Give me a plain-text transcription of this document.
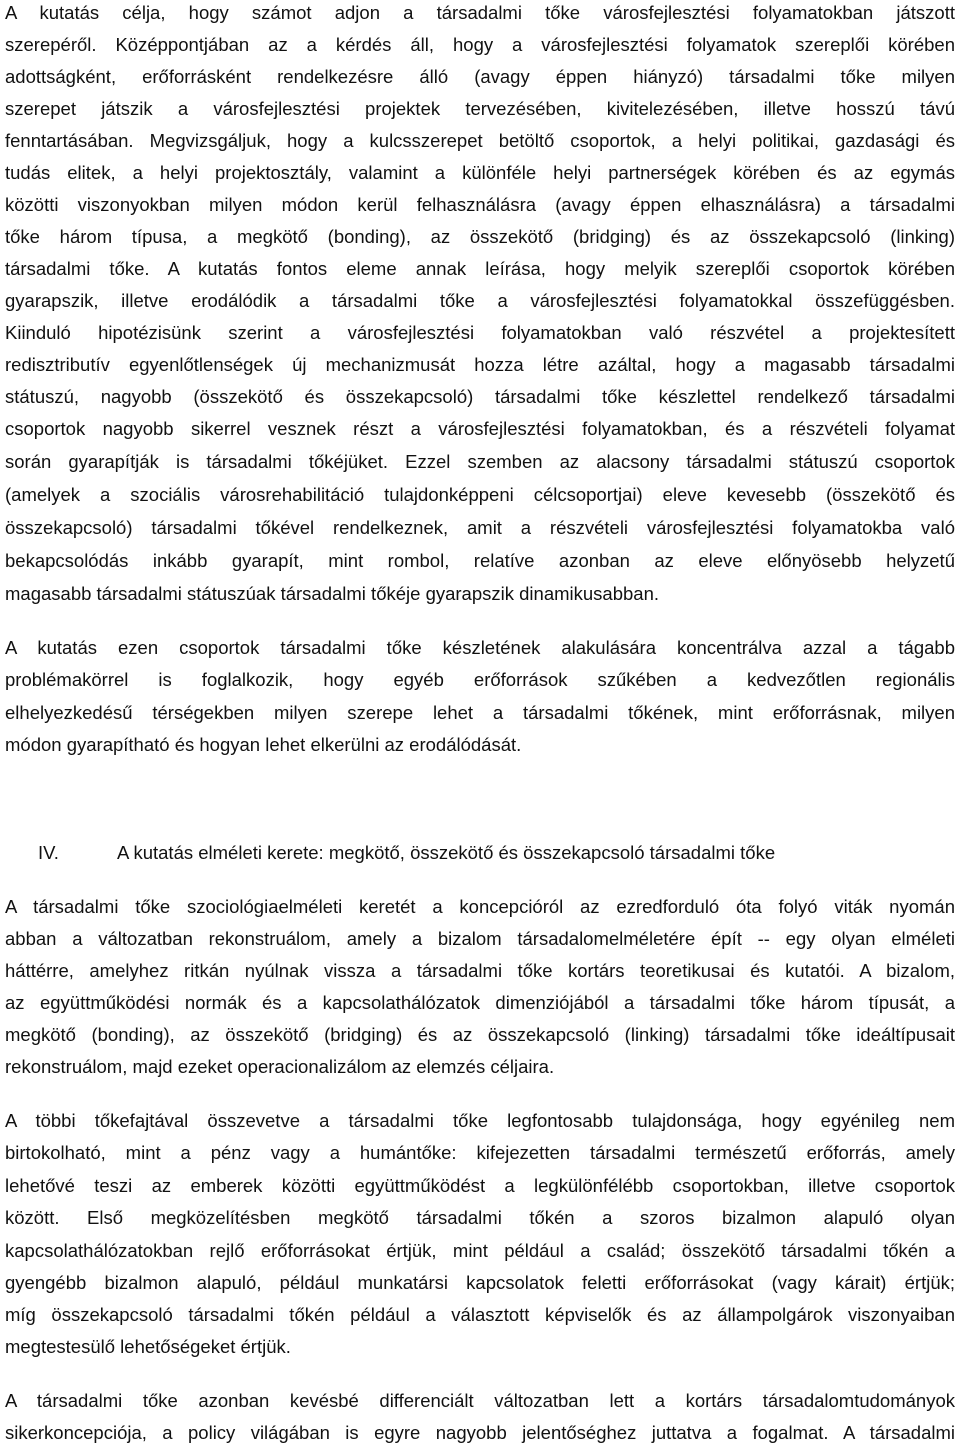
A kutatás célja, hogy számot adjon a társadalmi tőke városfejlesztési folyamatokban játszott
szerepéről. Középpontjában az a kérdés áll, hogy a városfejlesztési folyamatok szereplői körében
adottságként, erőforrásként rendelkezésre álló (avagy éppen hiányzó) társadalmi tőke milyen
szerepet játszik a városfejlesztési projektek tervezésében, kivitelezésében, illetve hosszú távú
fenntartásában. Megvizsgáljuk, hogy a kulcsszerepet betöltő csoportok, a helyi politikai, gazdasági és
tudás elitek, a helyi projektosztály, valamint a különféle helyi partnerségek körében és az egymás
közötti viszonyokban milyen módon kerül felhasználásra (avagy éppen elhasználásra) a társadalmi
tőke három típusa, a megkötő (bonding), az összekötő (bridging) és az összekapcsoló (linking)
társadalmi tőke. A kutatás fontos eleme annak leírása, hogy melyik szereplői csoportok körében
gyarapszik, illetve erodálódik a társadalmi tőke a városfejlesztési folyamatokkal összefüggésben.
Kiinduló hipotézisünk szerint a városfejlesztési folyamatokban való részvétel a projektesített
redisztributív egyenlőtlenségek új mechanizmusát hozza létre azáltal, hogy a magasabb társadalmi
státuszú, nagyobb (összekötő és összekapcsoló) társadalmi tőke készlettel rendelkező társadalmi
csoportok nagyobb sikerrel vesznek részt a városfejlesztési folyamatokban, és a részvételi folyamat
során gyarapítják is társadalmi tőkéjüket. Ezzel szemben az alacsony társadalmi státuszú csoportok
(amelyek a szociális városrehabilitáció tulajdonképpeni célcsoportjai) eleve kevesebb (összekötő és
összekapcsoló) társadalmi tőkével rendelkeznek, amit a részvételi városfejlesztési folyamatokba való
bekapcsolódás inkább gyarapít, mint rombol, relatíve azonban az eleve előnyösebb helyzetű
magasabb társadalmi státuszúak társadalmi tőkéje gyarapszik dinamikusabban.
A kutatás ezen csoportok társadalmi tőke készletének alakulására koncentrálva azzal a tágabb
problémakörrel is foglalkozik, hogy egyéb erőforrások szűkében a kedvezőtlen regionális
elhelyezkedésű térségekben milyen szerepe lehet a társadalmi tőkének, mint erőforrásnak, milyen
módon gyarapítható és hogyan lehet elkerülni az erodálódását.
IV.	A kutatás elméleti kerete: megkötő, összekötő és összekapcsoló társadalmi tőke
A társadalmi tőke szociológiaelméleti keretét a koncepcióról az ezredforduló óta folyó viták nyomán
abban a változatban rekonstruálom, amely a bizalom társadalomelméletére épít -- egy olyan elméleti
háttérre, amelyhez ritkán nyúlnak vissza a társadalmi tőke kortárs teoretikusai és kutatói. A bizalom,
az együttműködési normák és a kapcsolathálózatok dimenziójából a társadalmi tőke három típusát, a
megkötő (bonding), az összekötő (bridging) és az összekapcsoló (linking) társadalmi tőke ideáltípusait
rekonstruálom, majd ezeket operacionalizálom az elemzés céljaira.
A többi tőkefajtával összevetve a társadalmi tőke legfontosabb tulajdonsága, hogy egyénileg nem
birtokolható, mint a pénz vagy a humántőke: kifejezetten társadalmi természetű erőforrás, amely
lehetővé teszi az emberek közötti együttműködést a legkülönfélébb csoportokban, illetve csoportok
között. Első megközelítésben megkötő társadalmi tőkén a szoros bizalmon alapuló olyan
kapcsolathálózatokban rejlő erőforrásokat értjük, mint például a család; összekötő társadalmi tőkén a
gyengébb bizalmon alapuló, például munkatársi kapcsolatok feletti erőforrásokat (vagy kárait) értjük;
míg összekapcsoló társadalmi tőkén például a választott képviselők és az állampolgárok viszonyaiban
megtestesülő lehetőségeket értjük.
A társadalmi tőke azonban kevésbé differenciált változatban lett a kortárs társadalomtudományok
sikerkoncepciója, a policy világában is egyre nagyobb jelentőséghez juttatva a fogalmat. A társadalmi
